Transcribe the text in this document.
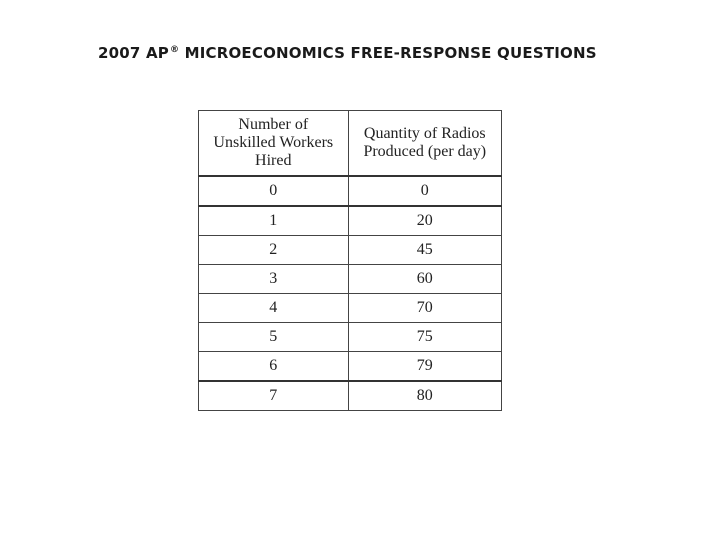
2007 AP® MICROECONOMICS FREE-RESPONSE QUESTIONS
Number of
Unskilled Workers
Hired	Quantity of Radios
Produced (per day)

0	0
1	20
2	45
3	60
4	70
5	75
6	79
7	80
